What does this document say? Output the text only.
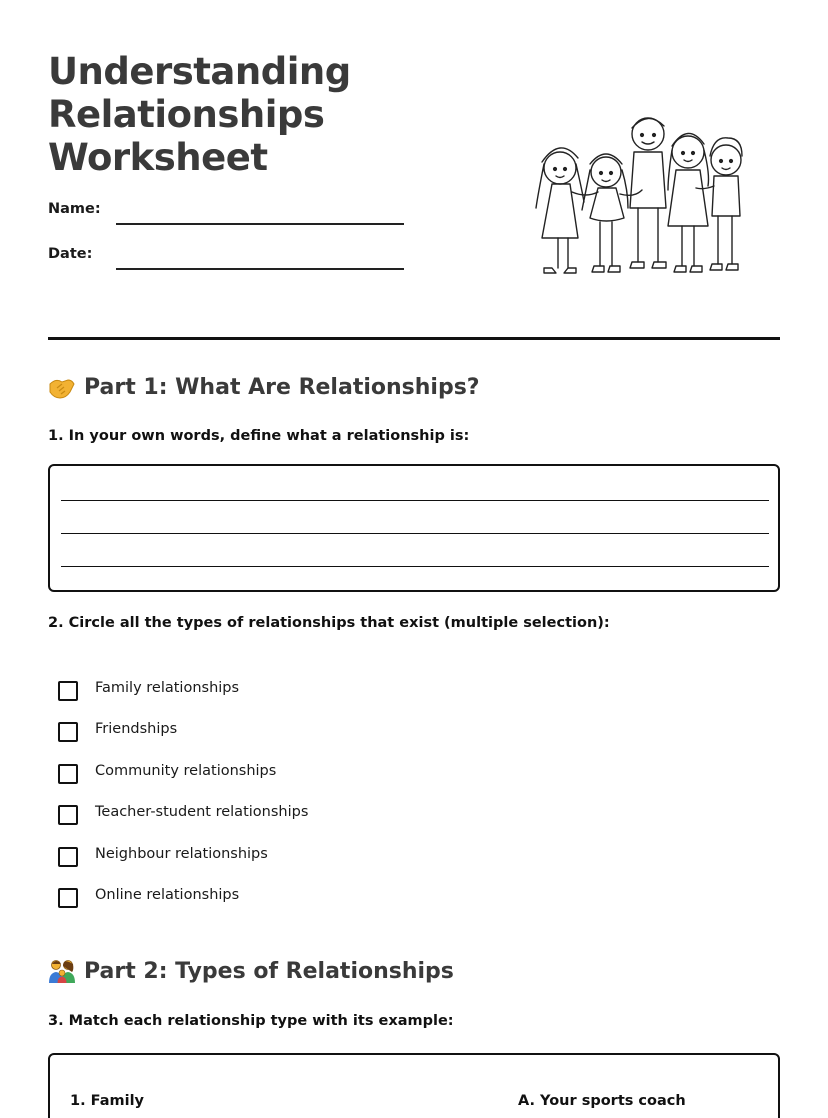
Understanding Relationships Worksheet
Name:
Date:
Part 1: What Are Relationships?

1. In your own words, define what a relationship is:

2. Circle all the types of relationships that exist (multiple selection):

Family relationships
Friendships
Community relationships
Teacher-student relationships
Neighbour relationships
Online relationships
Part 2: Types of Relationships

3. Match each relationship type with its example:

1. Family	A. Your sports coach
